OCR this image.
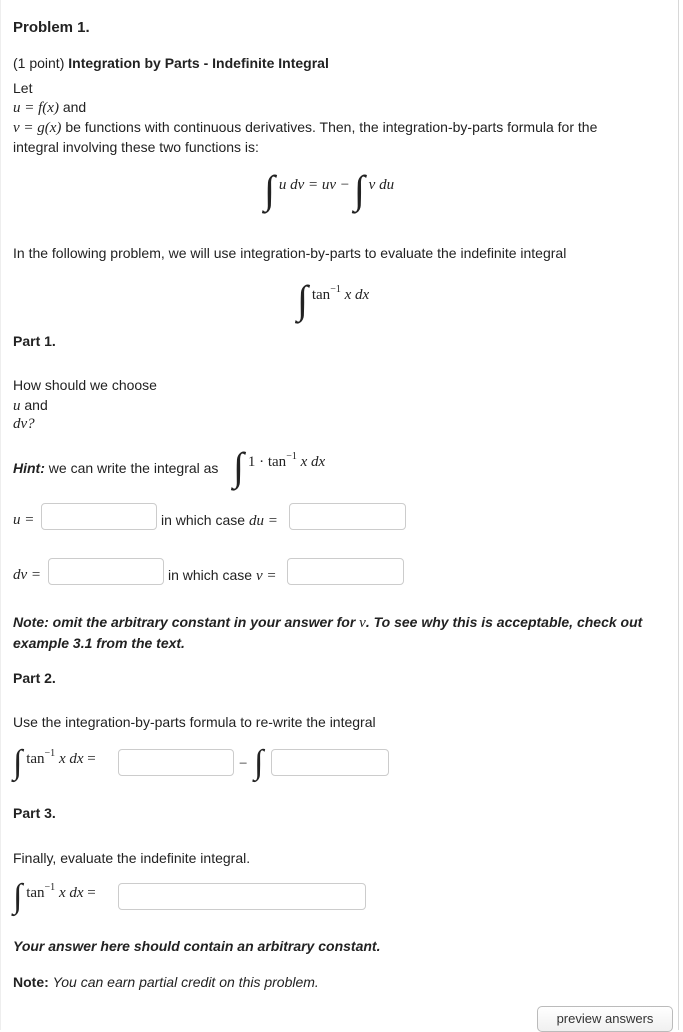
Problem 1.
(1 point) Integration by Parts - Indefinite Integral
Let
u = f(x) and
v = g(x) be functions with continuous derivatives. Then, the integration-by-parts formula for the
integral involving these two functions is:
∫ u dv = uv − ∫ v du
In the following problem, we will use integration-by-parts to evaluate the indefinite integral
∫ $\tan^{-1} x$ dx
Part 1.
How should we choose
u and
dv?
Hint: we can write the integral as ∫ $1 \cdot \tan^{-1} x$ dx
u =	in which case du =
dv =	in which case v =
Note: omit the arbitrary constant in your answer for v. To see why this is acceptable, check out
example 3.1 from the text.
Part 2.
Use the integration-by-parts formula to re-write the integral
∫ $\tan^{-1} x$ dx =	− ∫
Part 3.
Finally, evaluate the indefinite integral.
∫ $\tan^{-1} x$ dx =
Your answer here should contain an arbitrary constant.
Note: You can earn partial credit on this problem.
preview answers
